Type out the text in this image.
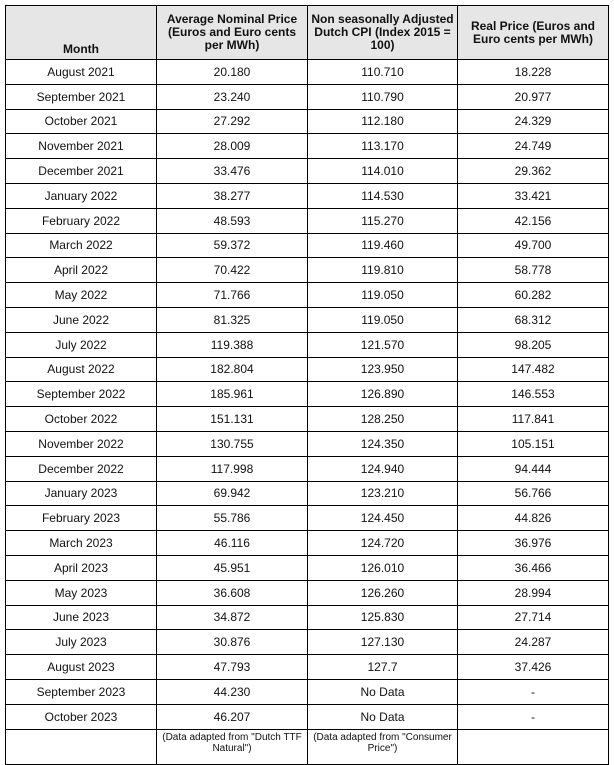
Month	Average Nominal Price (Euros and Euro cents per MWh)	Non seasonally Adjusted Dutch CPI (Index 2015 = 100)	Real Price (Euros and Euro cents per MWh)
August 2021	20.180	110.710	18.228
September 2021	23.240	110.790	20.977
October 2021	27.292	112.180	24.329
November 2021	28.009	113.170	24.749
December 2021	33.476	114.010	29.362
January 2022	38.277	114.530	33.421
February 2022	48.593	115.270	42.156
March 2022	59.372	119.460	49.700
April 2022	70.422	119.810	58.778
May 2022	71.766	119.050	60.282
June 2022	81.325	119.050	68.312
July 2022	119.388	121.570	98.205
August 2022	182.804	123.950	147.482
September 2022	185.961	126.890	146.553
October 2022	151.131	128.250	117.841
November 2022	130.755	124.350	105.151
December 2022	117.998	124.940	94.444
January 2023	69.942	123.210	56.766
February 2023	55.786	124.450	44.826
March 2023	46.116	124.720	36.976
April 2023	45.951	126.010	36.466
May 2023	36.608	126.260	28.994
June 2023	34.872	125.830	27.714
July 2023	30.876	127.130	24.287
August 2023	47.793	127.7	37.426
September 2023	44.230	No Data	-
October 2023	46.207	No Data	-
	(Data adapted from "Dutch TTF Natural")	(Data adapted from "Consumer Price")	
